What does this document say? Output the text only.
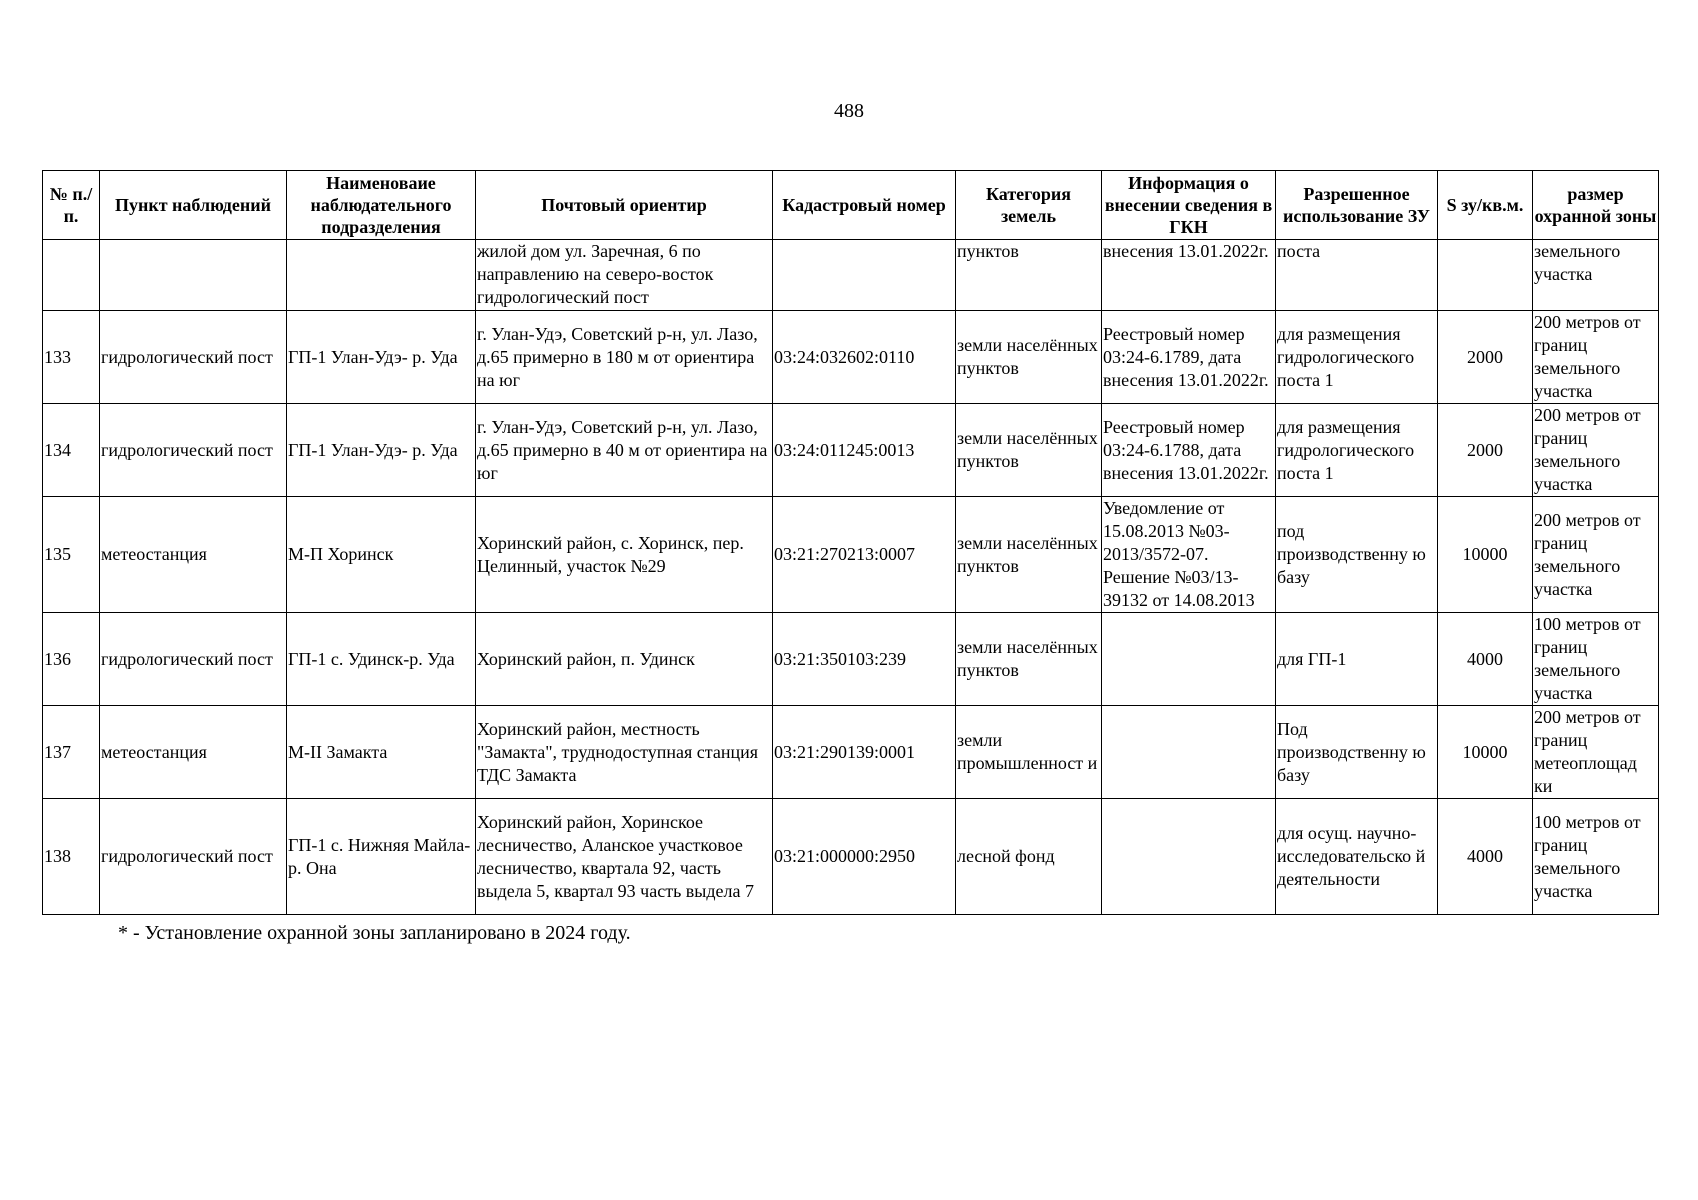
488
№ п./п.	Пункт наблюдений	Наименоваие наблюдательного подразделения	Почтовый ориентир	Кадастровый номер	Категория земель	Информация о внесении сведения в ГКН	Разрешенное использование ЗУ	S зу/кв.м.	размер охранной зоны
			жилой дом ул. Заречная, 6 по направлению на северо-восток гидрологический пост		пунктов	внесения 13.01.2022г.	поста		земельного участка
133	гидрологический пост	ГП-1 Улан-Удэ- р. Уда	г. Улан-Удэ, Советский р-н, ул. Лазо, д.65 примерно в 180 м от ориентира на юг	03:24:032602:0110	земли населённых пунктов	Реестровый номер 03:24-6.1789, дата внесения 13.01.2022г.	для размещения гидрологического поста 1	2000	200 метров от границ земельного участка
134	гидрологический пост	ГП-1 Улан-Удэ- р. Уда	г. Улан-Удэ, Советский р-н, ул. Лазо, д.65 примерно в 40 м от ориентира на юг	03:24:011245:0013	земли населённых пунктов	Реестровый номер 03:24-6.1788, дата внесения 13.01.2022г.	для размещения гидрологического поста 1	2000	200 метров от границ земельного участка
135	метеостанция	М-П Хоринск	Хоринский район, с. Хоринск, пер. Целинный, участок №29	03:21:270213:0007	земли населённых пунктов	Уведомление от 15.08.2013 №03-2013/3572-07. Решение №03/13-39132 от 14.08.2013	под производственну ю базу	10000	200 метров от границ земельного участка
136	гидрологический пост	ГП-1 с. Удинск-р. Уда	Хоринский район, п. Удинск	03:21:350103:239	земли населённых пунктов		для ГП-1	4000	100 метров от границ земельного участка
137	метеостанция	М-II Замакта	Хоринский район, местность "Замакта", труднодоступная станция ТДС Замакта	03:21:290139:0001	земли промышленност и		Под производственну ю базу	10000	200 метров от границ метеоплощад ки
138	гидрологический пост	ГП-1 с. Нижняя Майла-р. Она	Хоринский район, Хоринское лесничество, Аланское участковое лесничество, квартала 92, часть выдела 5, квартал 93 часть выдела 7	03:21:000000:2950	лесной фонд		для осущ. научно-исследовательско й деятельности	4000	100 метров от границ земельного участка
* - Установление охранной зоны запланировано в 2024 году.
